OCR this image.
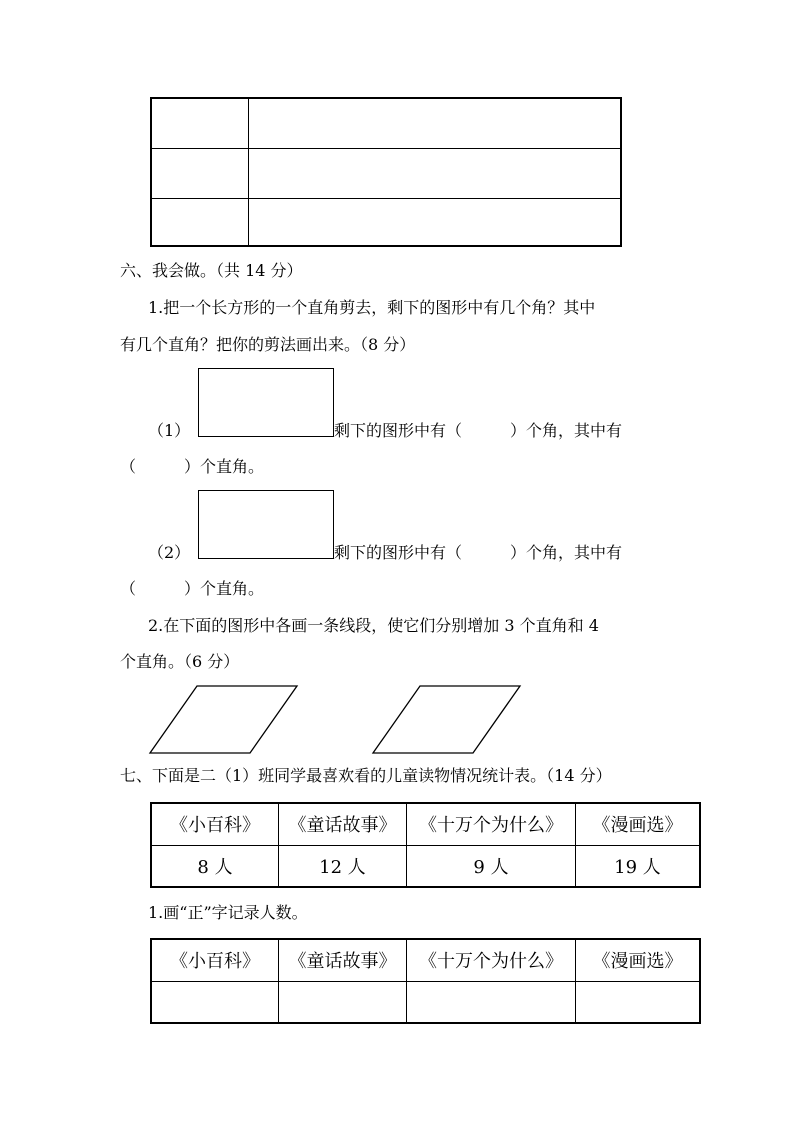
六、我会做。（共 14 分）
1.把一个长方形的一个直角剪去，剩下的图形中有几个角？其中
有几个直角？把你的剪法画出来。（8 分）
（1）	剩下的图形中有（　　　）个角，其中有
（　　　）个直角。
（2）	剩下的图形中有（　　　）个角，其中有
（　　　）个直角。
2.在下面的图形中各画一条线段，使它们分别增加 3 个直角和 4
个直角。（6 分）
七、下面是二（1）班同学最喜欢看的儿童读物情况统计表。（14 分）
《小百科》	《童话故事》	《十万个为什么》	《漫画选》
8 人	12 人	9 人	19 人
1.画“正”字记录人数。
《小百科》	《童话故事》	《十万个为什么》	《漫画选》
